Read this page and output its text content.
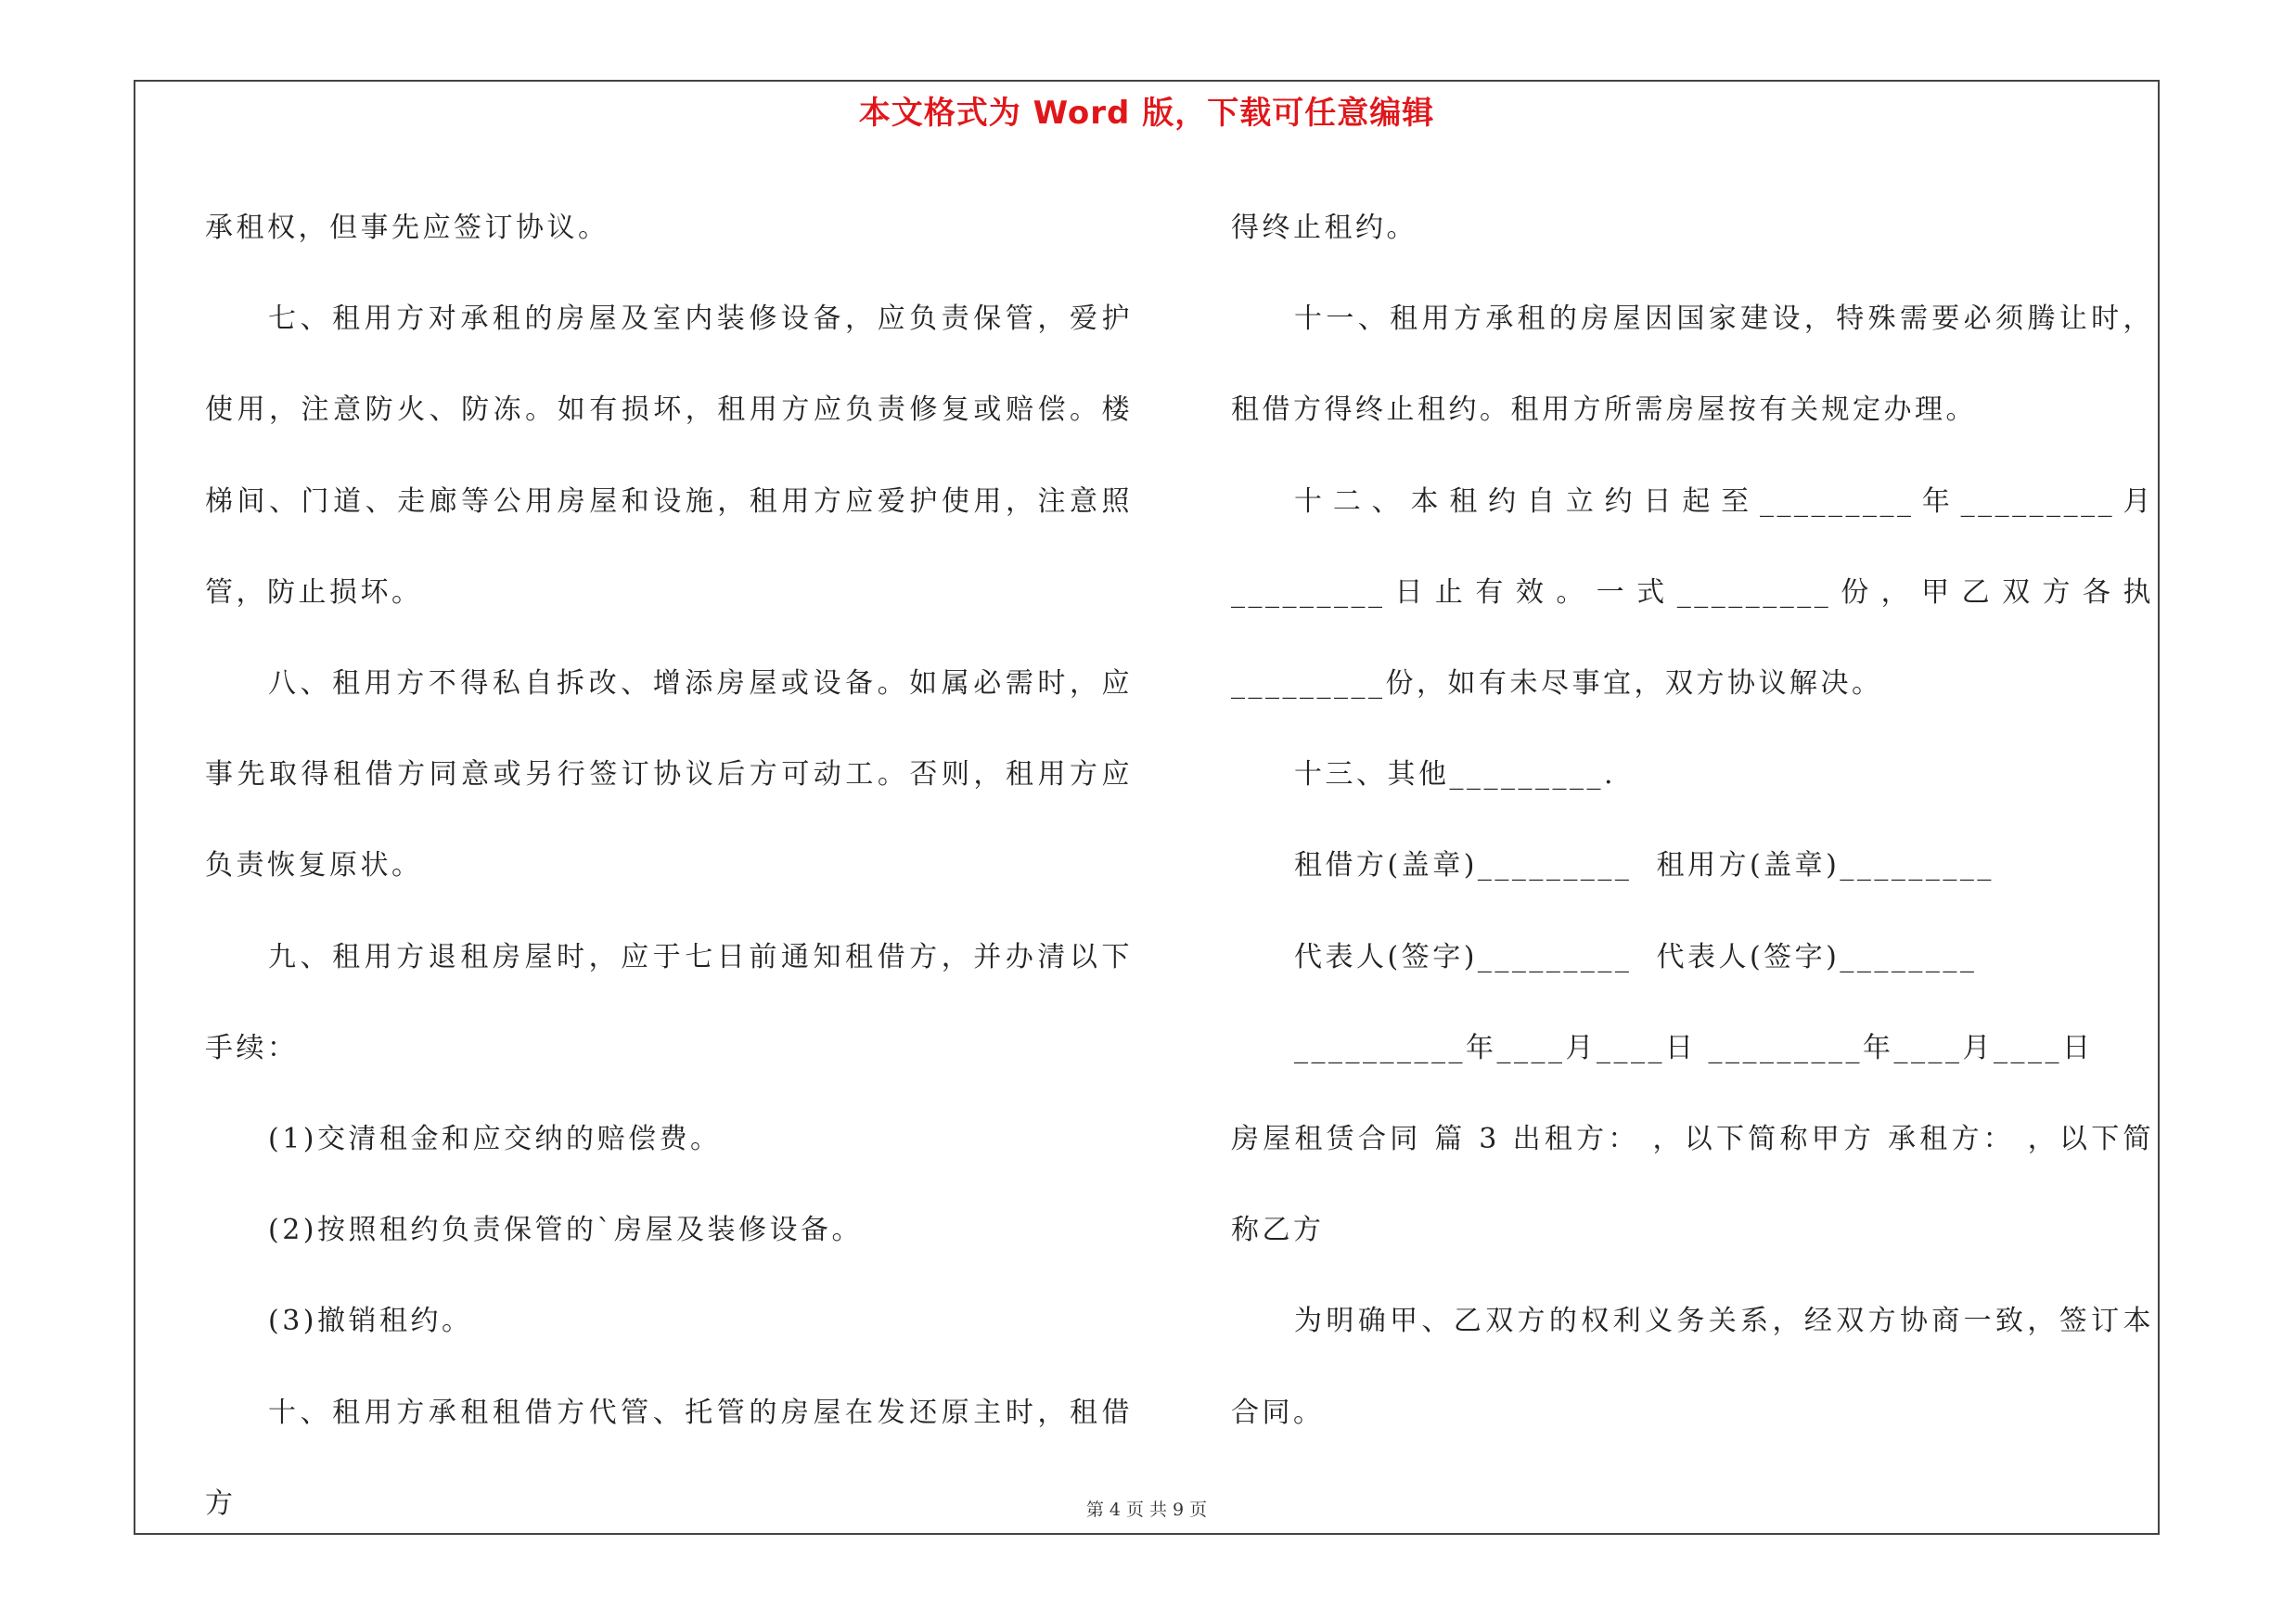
本文格式为 Word 版，下载可任意编辑

承租权，但事先应签订协议。

七、租用方对承租的房屋及室内装修设备，应负责保管，爱护使用，注意防火、防冻。如有损坏，租用方应负责修复或赔偿。楼梯间、门道、走廊等公用房屋和设施，租用方应爱护使用，注意照管，防止损坏。

八、租用方不得私自拆改、增添房屋或设备。如属必需时，应事先取得租借方同意或另行签订协议后方可动工。否则，租用方应负责恢复原状。

九、租用方退租房屋时，应于七日前通知租借方，并办清以下手续：

(1)交清租金和应交纳的赔偿费。

(2)按照租约负责保管的`房屋及装修设备。

(3)撤销租约。

十、租用方承租租借方代管、托管的房屋在发还原主时，租借方

得终止租约。

十一、租用方承租的房屋因国家建设，特殊需要必须腾让时，租借方得终止租约。租用方所需房屋按有关规定办理。

十二、本租约自立约日起至_________年_________月_________日止有效。一式_________份，甲乙双方各执_________份，如有未尽事宜，双方协议解决。

十三、其他_________.

租借方(盖章)_________  租用方(盖章)_________

代表人(签字)_________  代表人(签字)________

__________年____月____日 _________年____月____日

房屋租赁合同 篇 3 出租方： ，以下简称甲方 承租方： ，以下简称乙方

为明确甲、乙双方的权利义务关系，经双方协商一致，签订本合同。

第 4 页 共 9 页
